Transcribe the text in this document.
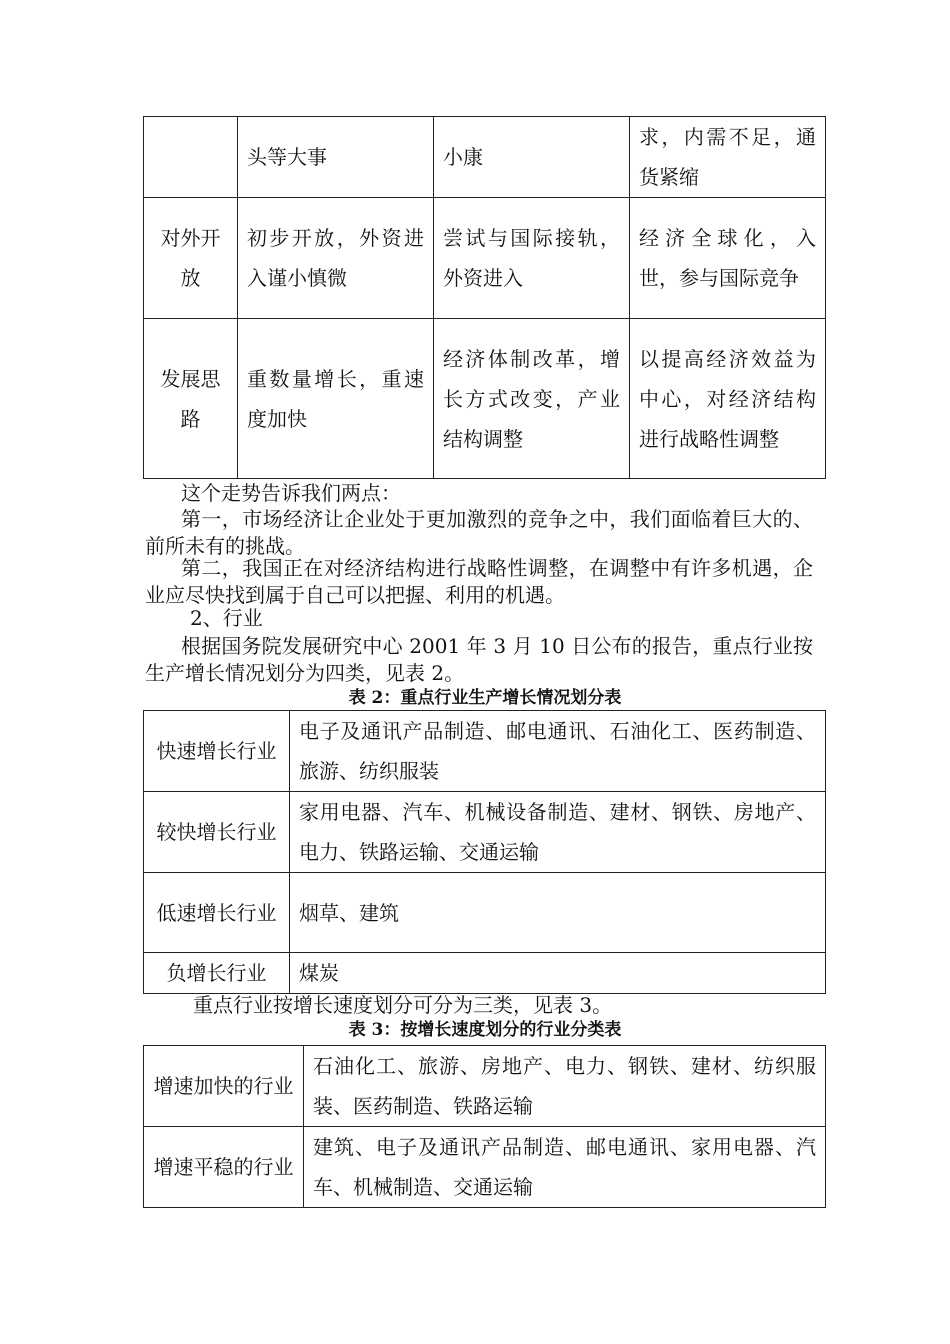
	头等大事	小康	求，内需不足，通货紧缩
对外开放	初步开放，外资进入谨小慎微	尝试与国际接轨，外资进入	经济全球化，入世，参与国际竞争
发展思路	重数量增长，重速度加快	经济体制改革，增长方式改变，产业结构调整	以提高经济效益为中心，对经济结构进行战略性调整

这个走势告诉我们两点：

第一，市场经济让企业处于更加激烈的竞争之中，我们面临着巨大的、前所未有的挑战。

第二，我国正在对经济结构进行战略性调整，在调整中有许多机遇，企业应尽快找到属于自己可以把握、利用的机遇。

2、行业

根据国务院发展研究中心 2001 年 3 月 10 日公布的报告，重点行业按生产增长情况划分为四类，见表 2。

表 2：重点行业生产增长情况划分表

快速增长行业	电子及通讯产品制造、邮电通讯、石油化工、医药制造、旅游、纺织服装
较快增长行业	家用电器、汽车、机械设备制造、建材、钢铁、房地产、电力、铁路运输、交通运输
低速增长行业	烟草、建筑
负增长行业	煤炭

重点行业按增长速度划分可分为三类，见表 3。

表 3：按增长速度划分的行业分类表

增速加快的行业	石油化工、旅游、房地产、电力、钢铁、建材、纺织服装、医药制造、铁路运输
增速平稳的行业	建筑、电子及通讯产品制造、邮电通讯、家用电器、汽车、机械制造、交通运输
